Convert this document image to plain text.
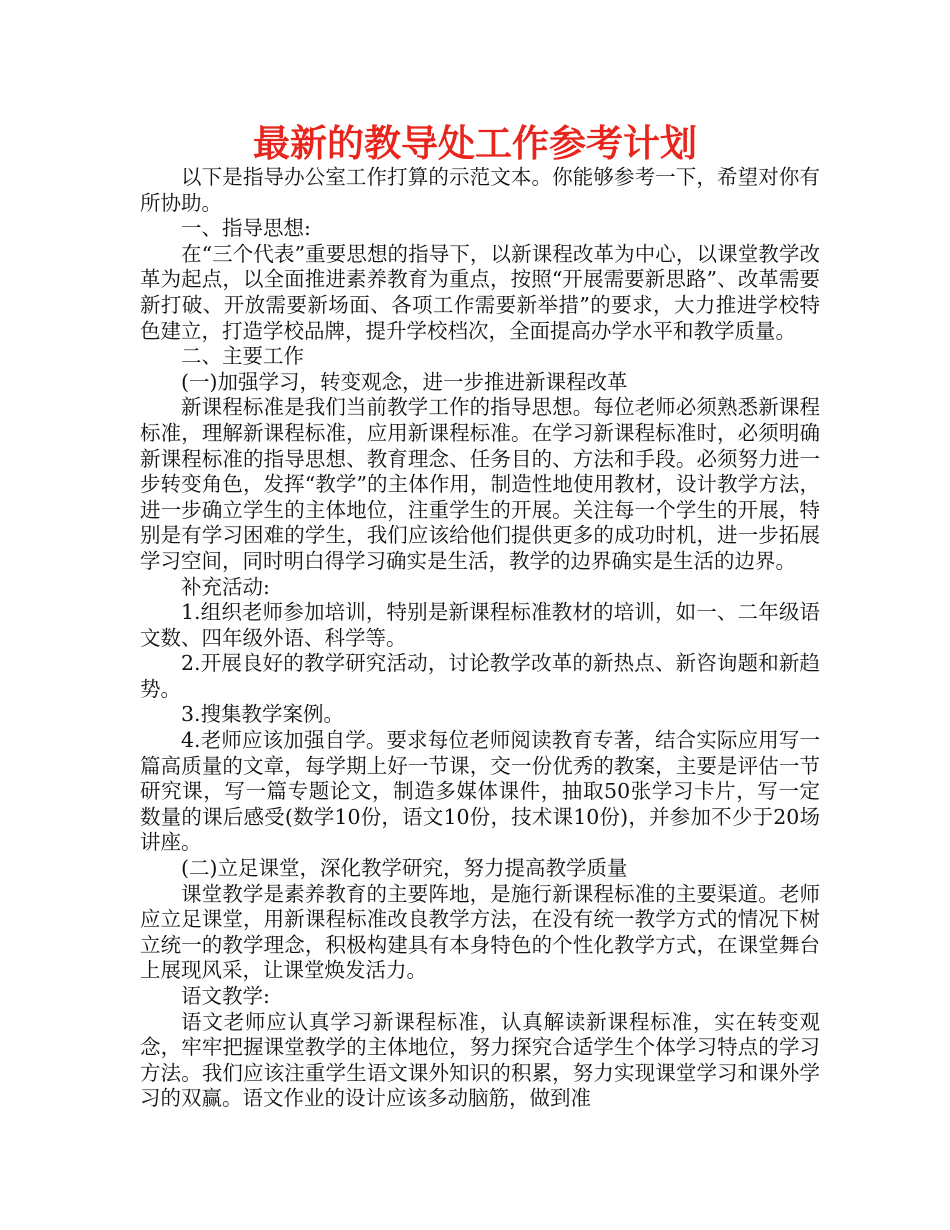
最新的教导处工作参考计划

以下是指导办公室工作打算的示范文本。你能够参考一下，希望对你有所协助。

一、指导思想:

在“三个代表”重要思想的指导下，以新课程改革为中心，以课堂教学改革为起点，以全面推进素养教育为重点，按照“开展需要新思路”、改革需要新打破、开放需要新场面、各项工作需要新举措”的要求，大力推进学校特色建立，打造学校品牌，提升学校档次，全面提高办学水平和教学质量。

二、主要工作

(一)加强学习，转变观念，进一步推进新课程改革

新课程标准是我们当前教学工作的指导思想。每位老师必须熟悉新课程标准，理解新课程标准，应用新课程标准。在学习新课程标准时，必须明确新课程标准的指导思想、教育理念、任务目的、方法和手段。必须努力进一步转变角色，发挥“教学”的主体作用，制造性地使用教材，设计教学方法，进一步确立学生的主体地位，注重学生的开展。关注每一个学生的开展，特别是有学习困难的学生，我们应该给他们提供更多的成功时机，进一步拓展学习空间，同时明白得学习确实是生活，教学的边界确实是生活的边界。

补充活动:

1.组织老师参加培训，特别是新课程标准教材的培训，如一、二年级语文数、四年级外语、科学等。

2.开展良好的教学研究活动，讨论教学改革的新热点、新咨询题和新趋势。

3.搜集教学案例。

4.老师应该加强自学。要求每位老师阅读教育专著，结合实际应用写一篇高质量的文章，每学期上好一节课，交一份优秀的教案，主要是评估一节研究课，写一篇专题论文，制造多媒体课件，抽取50张学习卡片，写一定数量的课后感受(数学10份，语文10份，技术课10份)，并参加不少于20场讲座。

(二)立足课堂，深化教学研究，努力提高教学质量

课堂教学是素养教育的主要阵地，是施行新课程标准的主要渠道。老师应立足课堂，用新课程标准改良教学方法，在没有统一教学方式的情况下树立统一的教学理念，积极构建具有本身特色的个性化教学方式，在课堂舞台上展现风采，让课堂焕发活力。

语文教学:

语文老师应认真学习新课程标准，认真解读新课程标准，实在转变观念，牢牢把握课堂教学的主体地位，努力探究合适学生个体学习特点的学习方法。我们应该注重学生语文课外知识的积累，努力实现课堂学习和课外学习的双赢。语文作业的设计应该多动脑筋，做到准
